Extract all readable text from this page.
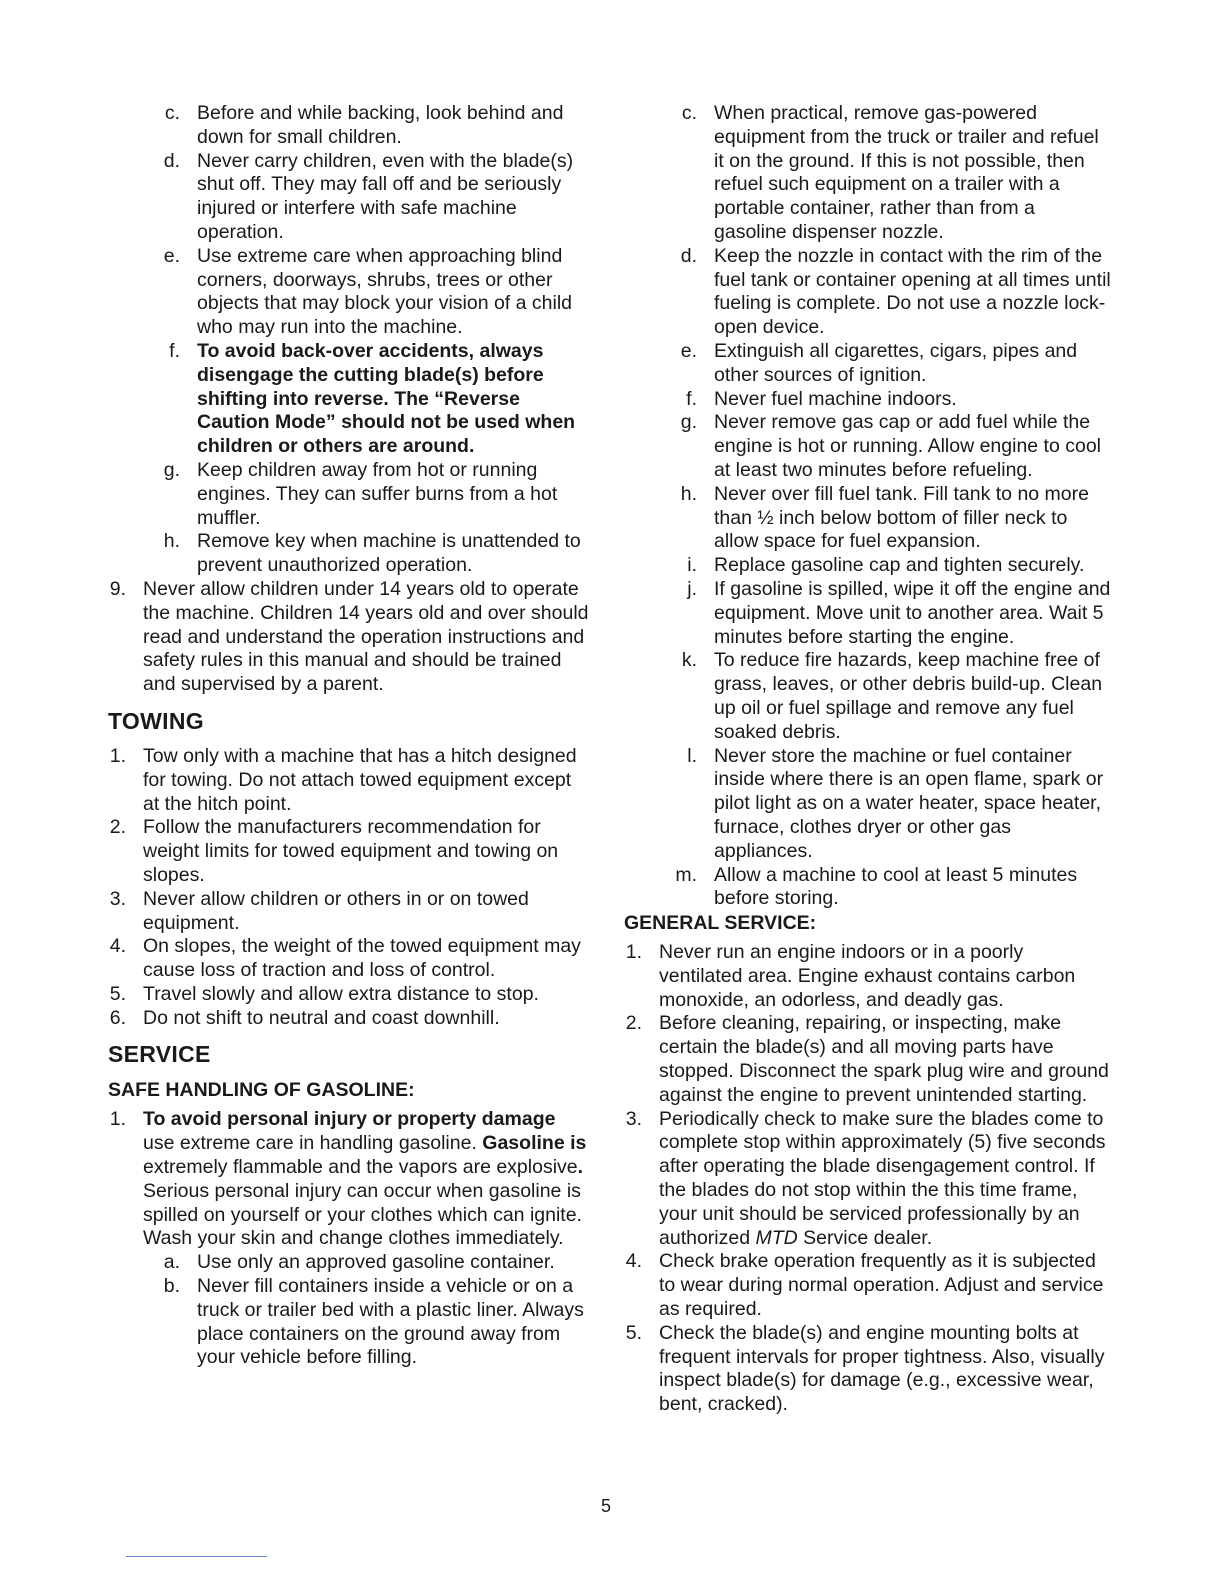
c. Before and while backing, look behind and down for small children.
d. Never carry children, even with the blade(s) shut off. They may fall off and be seriously injured or interfere with safe machine operation.
e. Use extreme care when approaching blind corners, doorways, shrubs, trees or other objects that may block your vision of a child who may run into the machine.
f. To avoid back-over accidents, always disengage the cutting blade(s) before shifting into reverse. The “Reverse Caution Mode” should not be used when children or others are around.
g. Keep children away from hot or running engines. They can suffer burns from a hot muffler.
h. Remove key when machine is unattended to prevent unauthorized operation.
9. Never allow children under 14 years old to operate the machine. Children 14 years old and over should read and understand the operation instructions and safety rules in this manual and should be trained and supervised by a parent.
TOWING
1. Tow only with a machine that has a hitch designed for towing. Do not attach towed equipment except at the hitch point.
2. Follow the manufacturers recommendation for weight limits for towed equipment and towing on slopes.
3. Never allow children or others in or on towed equipment.
4. On slopes, the weight of the towed equipment may cause loss of traction and loss of control.
5. Travel slowly and allow extra distance to stop.
6. Do not shift to neutral and coast downhill.
SERVICE
SAFE HANDLING OF GASOLINE:
1. To avoid personal injury or property damage use extreme care in handling gasoline. Gasoline is extremely flammable and the vapors are explosive. Serious personal injury can occur when gasoline is spilled on yourself or your clothes which can ignite. Wash your skin and change clothes immediately.
a. Use only an approved gasoline container.
b. Never fill containers inside a vehicle or on a truck or trailer bed with a plastic liner. Always place containers on the ground away from your vehicle before filling.
c. When practical, remove gas-powered equipment from the truck or trailer and refuel it on the ground. If this is not possible, then refuel such equipment on a trailer with a portable container, rather than from a gasoline dispenser nozzle.
d. Keep the nozzle in contact with the rim of the fuel tank or container opening at all times until fueling is complete. Do not use a nozzle lock-open device.
e. Extinguish all cigarettes, cigars, pipes and other sources of ignition.
f. Never fuel machine indoors.
g. Never remove gas cap or add fuel while the engine is hot or running. Allow engine to cool at least two minutes before refueling.
h. Never over fill fuel tank. Fill tank to no more than ½ inch below bottom of filler neck to allow space for fuel expansion.
i. Replace gasoline cap and tighten securely.
j. If gasoline is spilled, wipe it off the engine and equipment. Move unit to another area. Wait 5 minutes before starting the engine.
k. To reduce fire hazards, keep machine free of grass, leaves, or other debris build-up. Clean up oil or fuel spillage and remove any fuel soaked debris.
l. Never store the machine or fuel container inside where there is an open flame, spark or pilot light as on a water heater, space heater, furnace, clothes dryer or other gas appliances.
m. Allow a machine to cool at least 5 minutes before storing.
GENERAL SERVICE:
1. Never run an engine indoors or in a poorly ventilated area. Engine exhaust contains carbon monoxide, an odorless, and deadly gas.
2. Before cleaning, repairing, or inspecting, make certain the blade(s) and all moving parts have stopped. Disconnect the spark plug wire and ground against the engine to prevent unintended starting.
3. Periodically check to make sure the blades come to complete stop within approximately (5) five seconds after operating the blade disengagement control. If the blades do not stop within the this time frame, your unit should be serviced professionally by an authorized MTD Service dealer.
4. Check brake operation frequently as it is subjected to wear during normal operation. Adjust and service as required.
5. Check the blade(s) and engine mounting bolts at frequent intervals for proper tightness. Also, visually inspect blade(s) for damage (e.g., excessive wear, bent, cracked).
5
